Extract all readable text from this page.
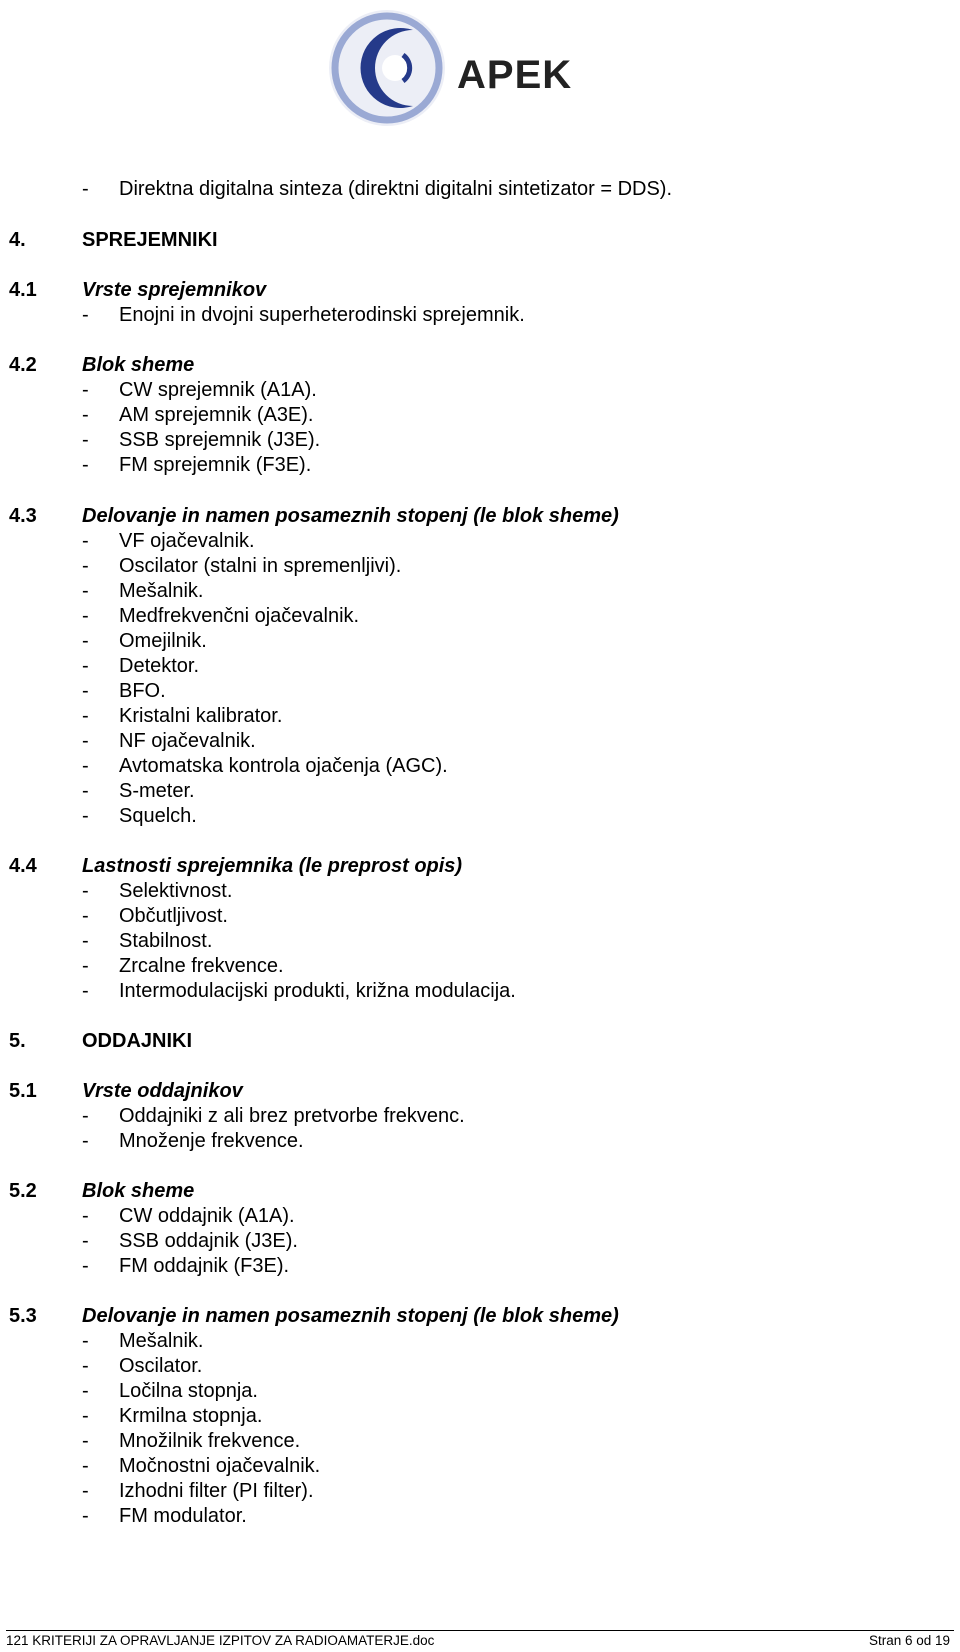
APEK
- Direktna digitalna sinteza (direktni digitalni sintetizator = DDS).
4.	SPREJEMNIKI
4.1 Vrste sprejemnikov
- Enojni in dvojni superheterodinski sprejemnik.
4.2 Blok sheme
- CW sprejemnik (A1A).
- AM sprejemnik (A3E).
- SSB sprejemnik (J3E).
- FM sprejemnik (F3E).
4.3 Delovanje in namen posameznih stopenj (le blok sheme)
- VF ojačevalnik.
- Oscilator (stalni in spremenljivi).
- Mešalnik.
- Medfrekvenčni ojačevalnik.
- Omejilnik.
- Detektor.
- BFO.
- Kristalni kalibrator.
- NF ojačevalnik.
- Avtomatska kontrola ojačenja (AGC).
- S-meter.
- Squelch.
4.4 Lastnosti sprejemnika (le preprost opis)
- Selektivnost.
- Občutljivost.
- Stabilnost.
- Zrcalne frekvence.
- Intermodulacijski produkti, križna modulacija.
5.	ODDAJNIKI
5.1 Vrste oddajnikov
- Oddajniki z ali brez pretvorbe frekvenc.
- Množenje frekvence.
5.2 Blok sheme
- CW oddajnik (A1A).
- SSB oddajnik (J3E).
- FM oddajnik (F3E).
5.3 Delovanje in namen posameznih stopenj (le blok sheme)
- Mešalnik.
- Oscilator.
- Ločilna stopnja.
- Krmilna stopnja.
- Množilnik frekvence.
- Močnostni ojačevalnik.
- Izhodni filter (PI filter).
- FM modulator.
121 KRITERIJI ZA OPRAVLJANJE IZPITOV ZA RADIOAMATERJE.doc	Stran 6 od 19
